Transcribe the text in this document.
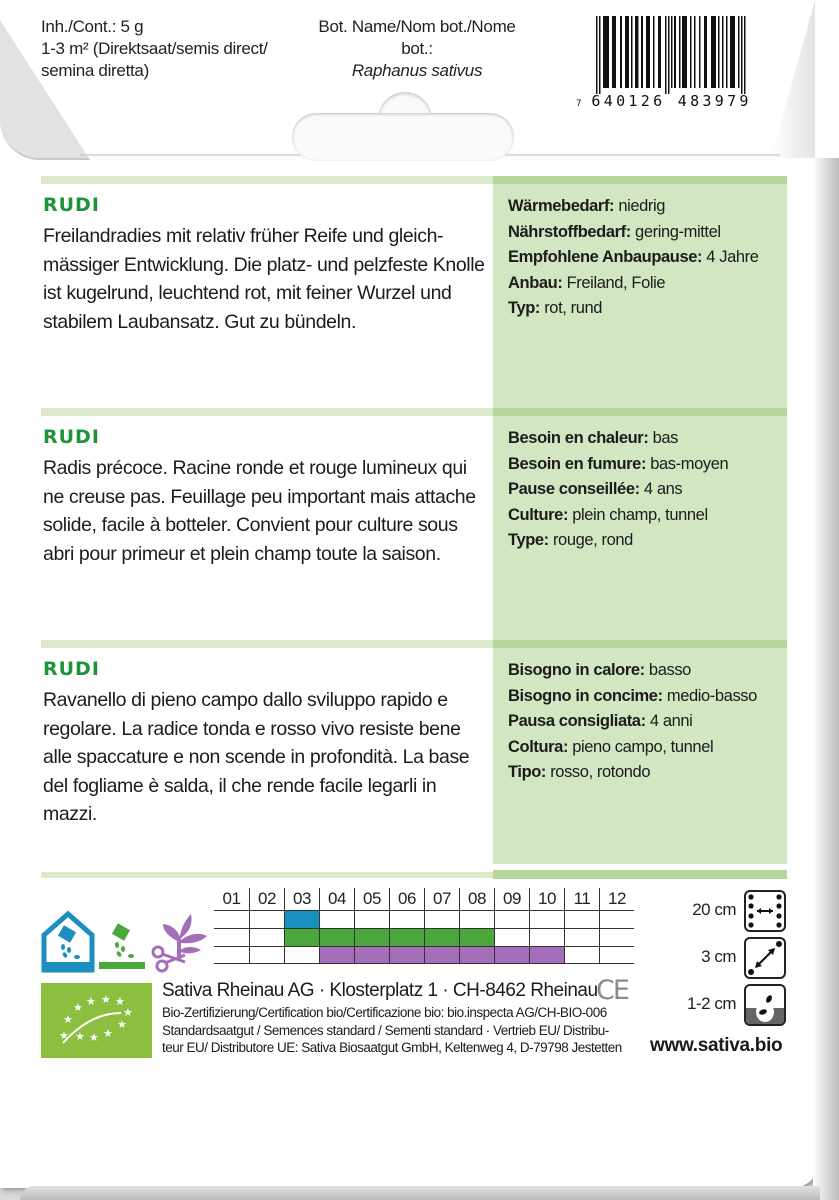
Inh./Cont.: 5 g
1-3 m² (Direktsaat/semis direct/
semina diretta)
Bot. Name/Nom bot./Nome bot.:
Raphanus sativus
7 640126 483979
RUDI
Freilandradies mit relativ früher Reife und gleichmässiger Entwicklung. Die platz- und pelzfeste Knolle ist kugelrund, leuchtend rot, mit feiner Wurzel und stabilem Laubansatz. Gut zu bündeln.
Wärmebedarf: niedrig
Nährstoffbedarf: gering-mittel
Empfohlene Anbaupause: 4 Jahre
Anbau: Freiland, Folie
Typ: rot, rund
RUDI
Radis précoce. Racine ronde et rouge lumineux qui ne creuse pas. Feuillage peu important mais attache solide, facile à botteler. Convient pour culture sous abri pour primeur et plein champ toute la saison.
Besoin en chaleur: bas
Besoin en fumure: bas-moyen
Pause conseillée: 4 ans
Culture: plein champ, tunnel
Type: rouge, rond
RUDI
Ravanello di pieno campo dallo sviluppo rapido e regolare. La radice tonda e rosso vivo resiste bene alle spaccature e non scende in profondità. La base del fogliame è salda, il che rende facile legarli in mazzi.
Bisogno in calore: basso
Bisogno in concime: medio-basso
Pausa consigliata: 4 anni
Coltura: pieno campo, tunnel
Tipo: rosso, rotondo
01	02	03	04	05	06	07	08	09	10	11	12
20 cm
3 cm
1-2 cm
www.sativa.bio
★
★ ★ ★ ★
★
★
★
★
★
★
Sativa Rheinau AG · Klosterplatz 1 · CH-8462 Rheinau
Bio-Zertifizierung/Certification bio/Certificazione bio: bio.inspecta AG/CH-BIO-006
Standardsaatgut / Semences standard / Sementi standard · Vertrieb EU/ Distribu-
teur EU/ Distributore UE: Sativa Biosaatgut GmbH, Keltenweg 4, D-79798 Jestetten
CE
